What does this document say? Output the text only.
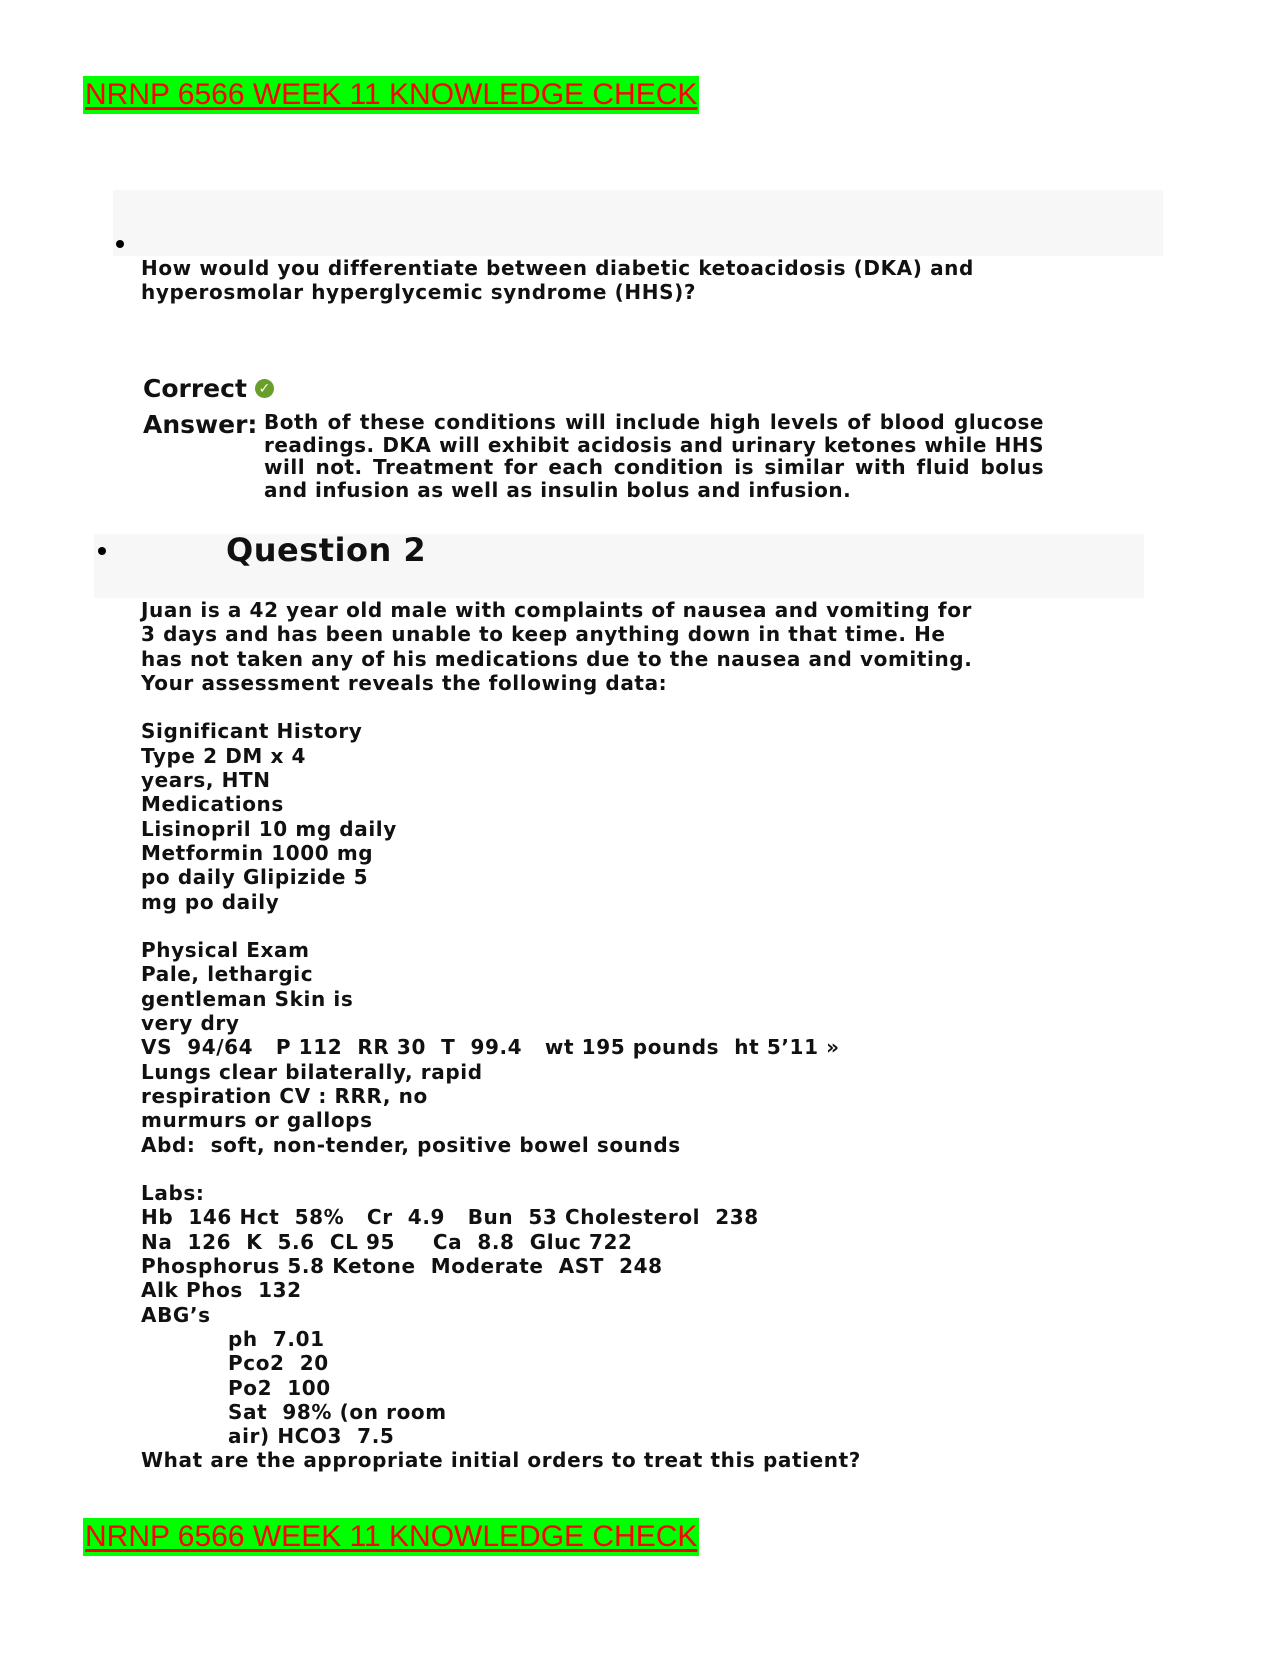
NRNP 6566 WEEK 11 KNOWLEDGE CHECK

How would you differentiate between diabetic ketoacidosis (DKA) and hyperosmolar hyperglycemic syndrome (HHS)?

Correct ✓
Answer: Both of these conditions will include high levels of blood glucose readings. DKA will exhibit acidosis and urinary ketones while HHS will not. Treatment for each condition is similar with fluid bolus and infusion as well as insulin bolus and infusion.
Question 2
Juan is a 42 year old male with complaints of nausea and vomiting for
3 days and has been unable to keep anything down in that time. He
has not taken any of his medications due to the nausea and vomiting.
Your assessment reveals the following data:
Significant History
Type 2 DM x 4
years, HTN
Medications
Lisinopril 10 mg daily
Metformin 1000 mg
po daily Glipizide 5
mg po daily
Physical Exam
Pale, lethargic
gentleman Skin is
very dry
VS  94/64   P 112  RR 30  T  99.4   wt 195 pounds  ht 5’11 »
Lungs clear bilaterally, rapid
respiration CV : RRR, no
murmurs or gallops
Abd:  soft, non-tender, positive bowel sounds
Labs:
Hb  146 Hct  58%   Cr  4.9   Bun  53 Cholesterol  238
Na  126  K  5.6  CL 95     Ca  8.8  Gluc 722
Phosphorus 5.8 Ketone  Moderate  AST  248
Alk Phos  132
ABG’s
ph  7.01
Pco2  20
Po2  100
Sat  98% (on room
air) HCO3  7.5
What are the appropriate initial orders to treat this patient?
NRNP 6566 WEEK 11 KNOWLEDGE CHECK
